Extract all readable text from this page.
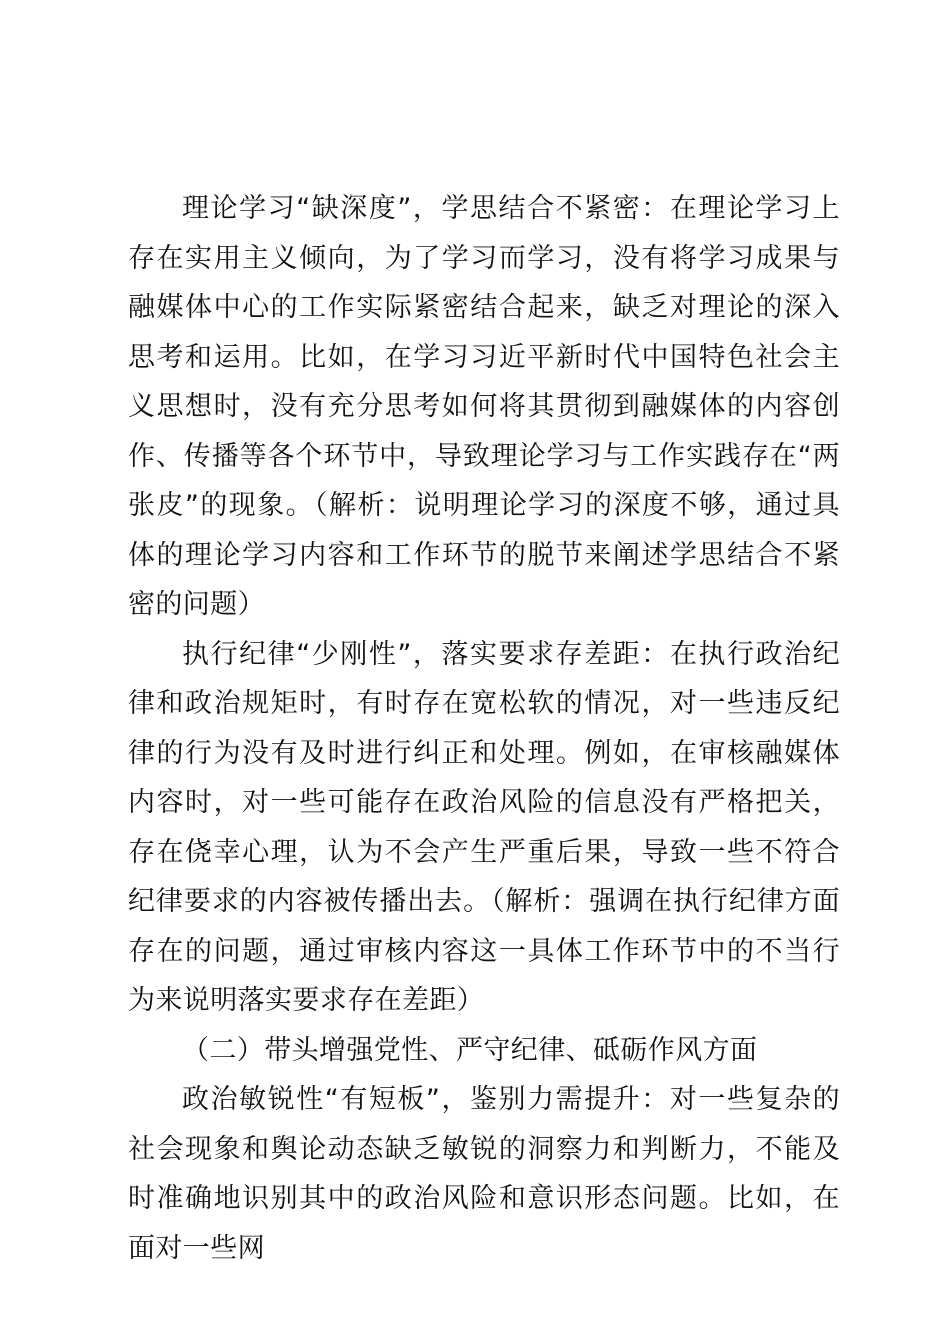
理论学习“缺深度”，学思结合不紧密：在理论学习上存在实用主义倾向，为了学习而学习，没有将学习成果与融媒体中心的工作实际紧密结合起来，缺乏对理论的深入思考和运用。比如，在学习习近平新时代中国特色社会主义思想时，没有充分思考如何将其贯彻到融媒体的内容创作、传播等各个环节中，导致理论学习与工作实践存在“两张皮”的现象。（解析：说明理论学习的深度不够，通过具体的理论学习内容和工作环节的脱节来阐述学思结合不紧密的问题）

执行纪律“少刚性”，落实要求存差距：在执行政治纪律和政治规矩时，有时存在宽松软的情况，对一些违反纪律的行为没有及时进行纠正和处理。例如，在审核融媒体内容时，对一些可能存在政治风险的信息没有严格把关，存在侥幸心理，认为不会产生严重后果，导致一些不符合纪律要求的内容被传播出去。（解析：强调在执行纪律方面存在的问题，通过审核内容这一具体工作环节中的不当行为来说明落实要求存在差距）

（二）带头增强党性、严守纪律、砥砺作风方面

政治敏锐性“有短板”，鉴别力需提升：对一些复杂的社会现象和舆论动态缺乏敏锐的洞察力和判断力，不能及时准确地识别其中的政治风险和意识形态问题。比如，在面对一些网
